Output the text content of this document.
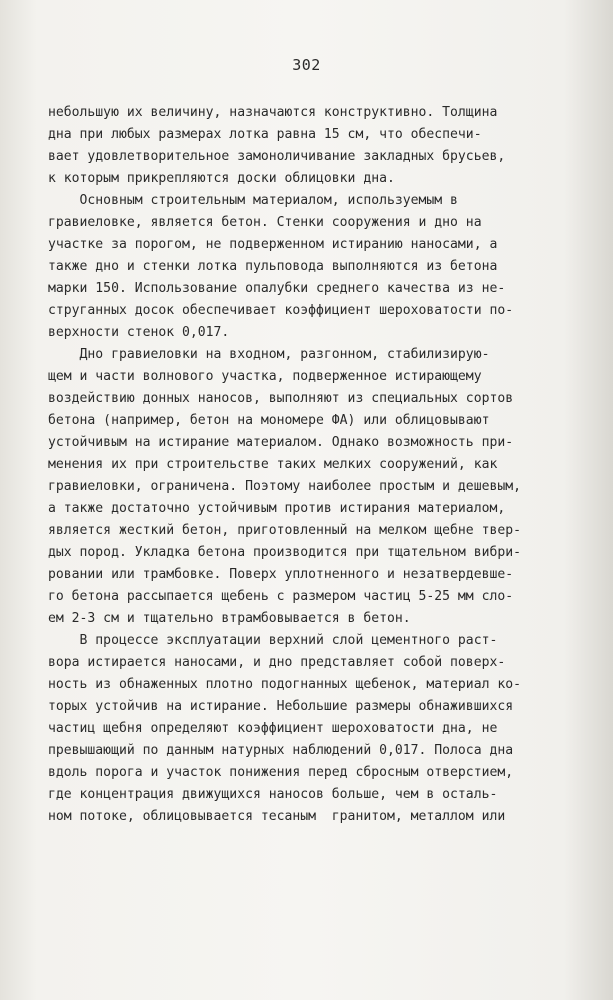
302
небольшую их величину, назначаются конструктивно. Толщина
дна при любых размерах лотка равна 15 см, что обеспечи-
вает удовлетворительное замоноличивание закладных брусьев,
к которым прикрепляются доски облицовки дна.
Основным строительным материалом, используемым в
гравиеловке, является бетон. Стенки сооружения и дно на
участке за порогом, не подверженном истиранию наносами, а
также дно и стенки лотка пульповода выполняются из бетона
марки 150. Использование опалубки среднего качества из не-
струганных досок обеспечивает коэффициент шероховатости по-
верхности стенок 0,017.
Дно гравиеловки на входном, разгонном, стабилизирую-
щем и части волнового участка, подверженное истирающему
воздействию донных наносов, выполняют из специальных сортов
бетона (например, бетон на мономере ФА) или облицовывают
устойчивым на истирание материалом. Однако возможность при-
менения их при строительстве таких мелких сооружений, как
гравиеловки, ограничена. Поэтому наиболее простым и дешевым,
а также достаточно устойчивым против истирания материалом,
является жесткий бетон, приготовленный на мелком щебне твер-
дых пород. Укладка бетона производится при тщательном вибри-
ровании или трамбовке. Поверх уплотненного и незатвердевше-
го бетона рассыпается щебень с размером частиц 5-25 мм сло-
ем 2-3 см и тщательно втрамбовывается в бетон.
В процессе эксплуатации верхний слой цементного раст-
вора истирается наносами, и дно представляет собой поверх-
ность из обнаженных плотно подогнанных щебенок, материал ко-
торых устойчив на истирание. Небольшие размеры обнажившихся
частиц щебня определяют коэффициент шероховатости дна, не
превышающий по данным натурных наблюдений 0,017. Полоса дна
вдоль порога и участок понижения перед сбросным отверстием,
где концентрация движущихся наносов больше, чем в осталь-
ном потоке, облицовывается тесаным  гранитом, металлом или
